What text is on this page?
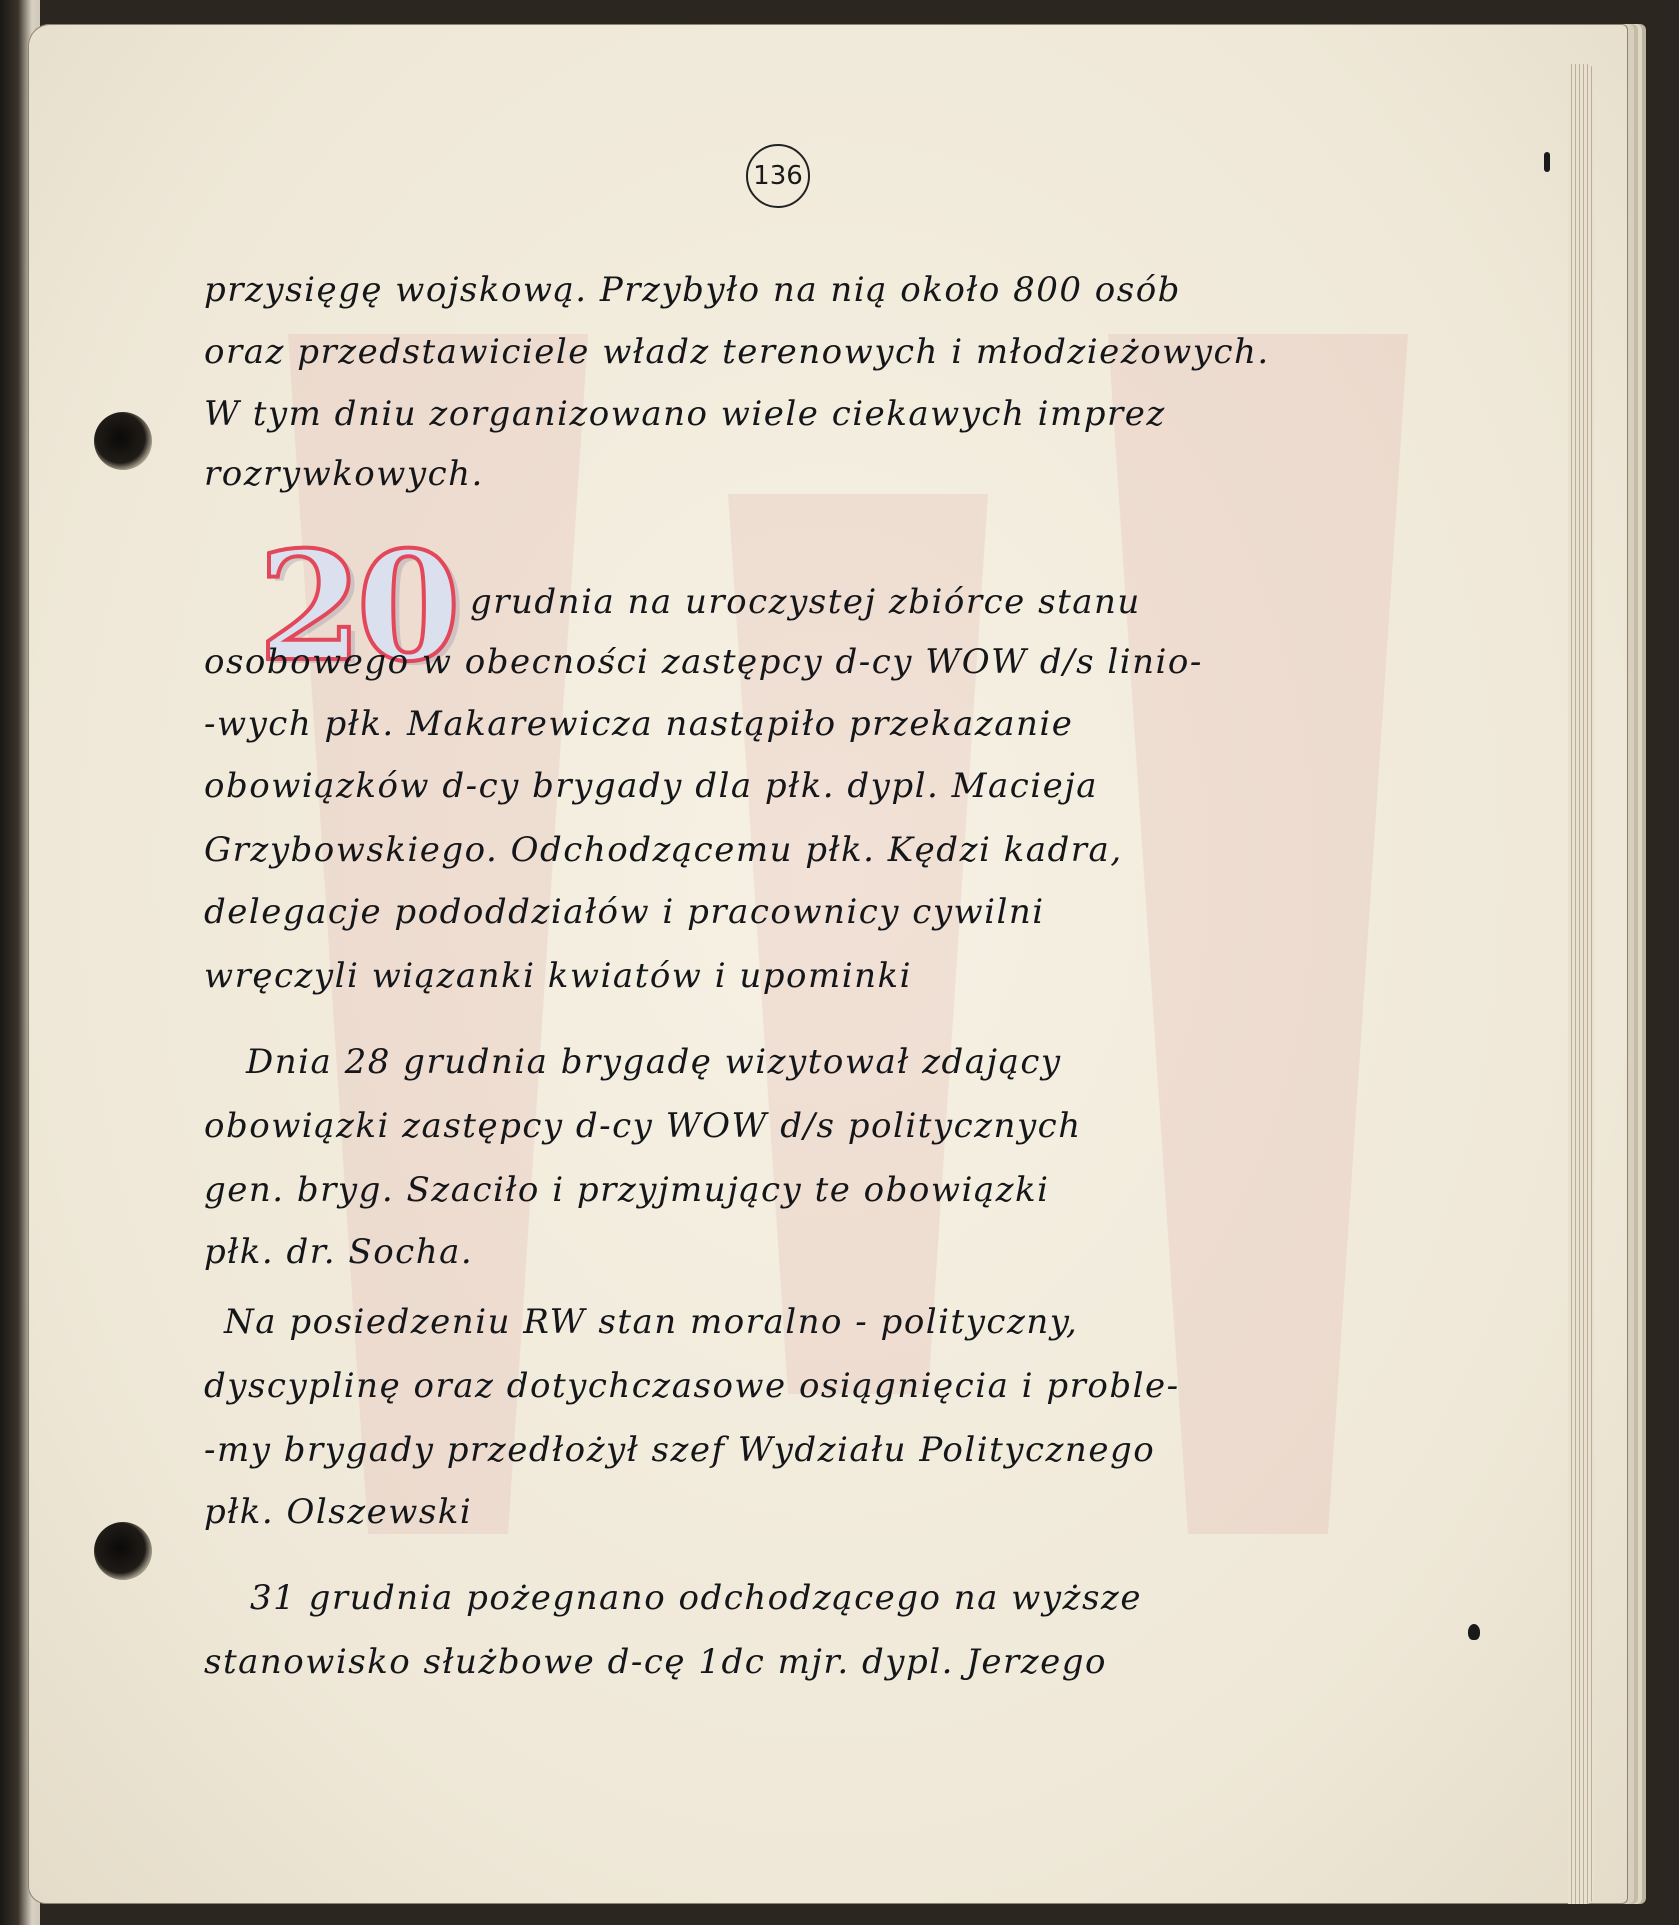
136

przysięgę wojskową. Przybyło na nią około 800 osób

oraz przedstawiciele władz terenowych i młodzieżowych.

W tym dniu zorganizowano wiele ciekawych imprez

rozrywkowych.

20 grudnia na uroczystej zbiórce stanu

osobowego w obecności zastępcy d-cy WOW d/s liniо-

-wych płk. Makarewicza nastąpiło przekazanie

obowiązków d-cy brygady dla płk. dypl. Macieja

Grzybowskiego. Odchodzącemu płk. Kędzi kadra,

delegacje pododdziałów i pracownicy cywilni

wręczyli wiązanki kwiatów i upominki

Dnia 28 grudnia brygadę wizytował zdający

obowiązki zastępcy d-cy WOW d/s politycznych

gen. bryg. Szaciło i przyjmujący te obowiązki

płk. dr. Socha.

Na posiedzeniu RW stan moralno - polityczny,

dyscyplinę oraz dotychczasowe osiągnięcia i proble-

-my brygady przedłożył szef Wydziału Politycznego

płk. Olszewski

31 grudnia pożegnano odchodzącego na wyższe

stanowisko służbowe d-cę 1dc mjr. dypl. Jerzego
